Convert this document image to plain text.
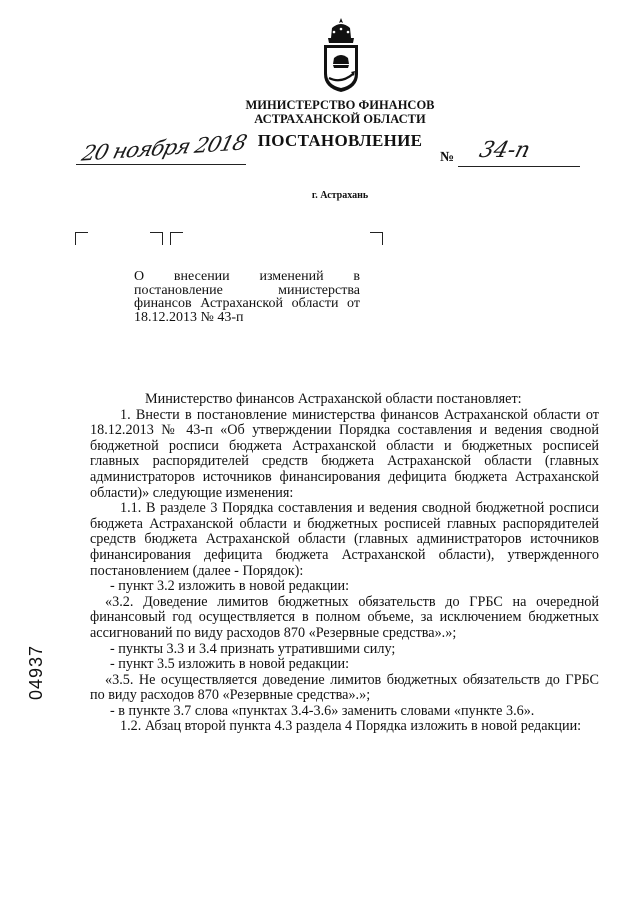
МИНИСТЕРСТВО ФИНАНСОВ
АСТРАХАНСКОЙ ОБЛАСТИ
20 ноября 2018 ПОСТАНОВЛЕНИЕ
№ 34-п
г. Астрахань
О внесении изменений в постановление министерства финансов Астраханской области от 18.12.2013 № 43-п
04937

Министерство финансов Астраханской области постановляет:

1. Внести в постановление министерства финансов Астраханской области от 18.12.2013 № 43-п «Об утверждении Порядка составления и ведения сводной бюджетной росписи бюджета Астраханской области и бюджетных росписей главных распорядителей средств бюджета Астраханской области (главных администраторов источников финансирования дефицита бюджета Астраханской области)» следующие изменения:

1.1. В разделе 3 Порядка составления и ведения сводной бюджетной росписи бюджета Астраханской области и бюджетных росписей главных распорядителей средств бюджета Астраханской области (главных администраторов источников финансирования дефицита бюджета Астраханской области), утвержденного постановлением (далее - Порядок):

- пункт 3.2 изложить в новой редакции:

«3.2. Доведение лимитов бюджетных обязательств до ГРБС на очередной финансовый год осуществляется в полном объеме, за исключением бюджетных ассигнований по виду расходов 870 «Резервные средства».»;

- пункты 3.3 и 3.4 признать утратившими силу;

- пункт 3.5 изложить в новой редакции:

«3.5. Не осуществляется доведение лимитов бюджетных обязательств до ГРБС по виду расходов 870 «Резервные средства».»;

- в пункте 3.7 слова «пунктах 3.4-3.6» заменить словами «пункте 3.6».

1.2. Абзац второй пункта 4.3 раздела 4 Порядка изложить в новой редакции:
